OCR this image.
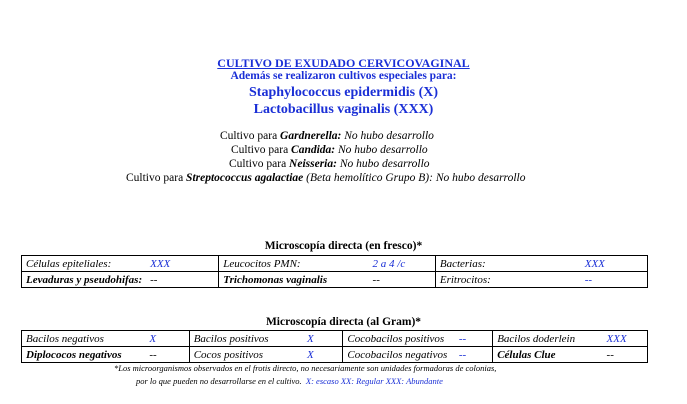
CULTIVO DE EXUDADO CERVICOVAGINAL
Además se realizaron cultivos especiales para:
Staphylococcus epidermidis (X)
Lactobacillus vaginalis (XXX)
Cultivo para Gardnerella: No hubo desarrollo
Cultivo para Candida: No hubo desarrollo
Cultivo para Neisseria: No hubo desarrollo
Cultivo para Streptococcus agalactiae (Beta hemolítico Grupo B): No hubo desarrollo
Microscopía directa (en fresco)*
Células epiteliales:	XXX	Leucocitos PMN:	2 a 4 /c	Bacterias:	XXX
Levaduras y pseudohifas:	--	Trichomonas vaginalis	--	Eritrocitos:	--
Microscopía directa (al Gram)*
Bacilos negativos	X	Bacilos positivos	X	Cocobacilos positivos	--	Bacilos doderlein	XXX
Diplococos negativos	--	Cocos positivos	X	Cocobacilos negativos	--	Células Clue	--
*Los microorganismos observados en el frotis directo, no necesariamente son unidades formadoras de colonias,
por lo que pueden no desarrollarse en el cultivo. X: escaso XX: Regular XXX: Abundante
